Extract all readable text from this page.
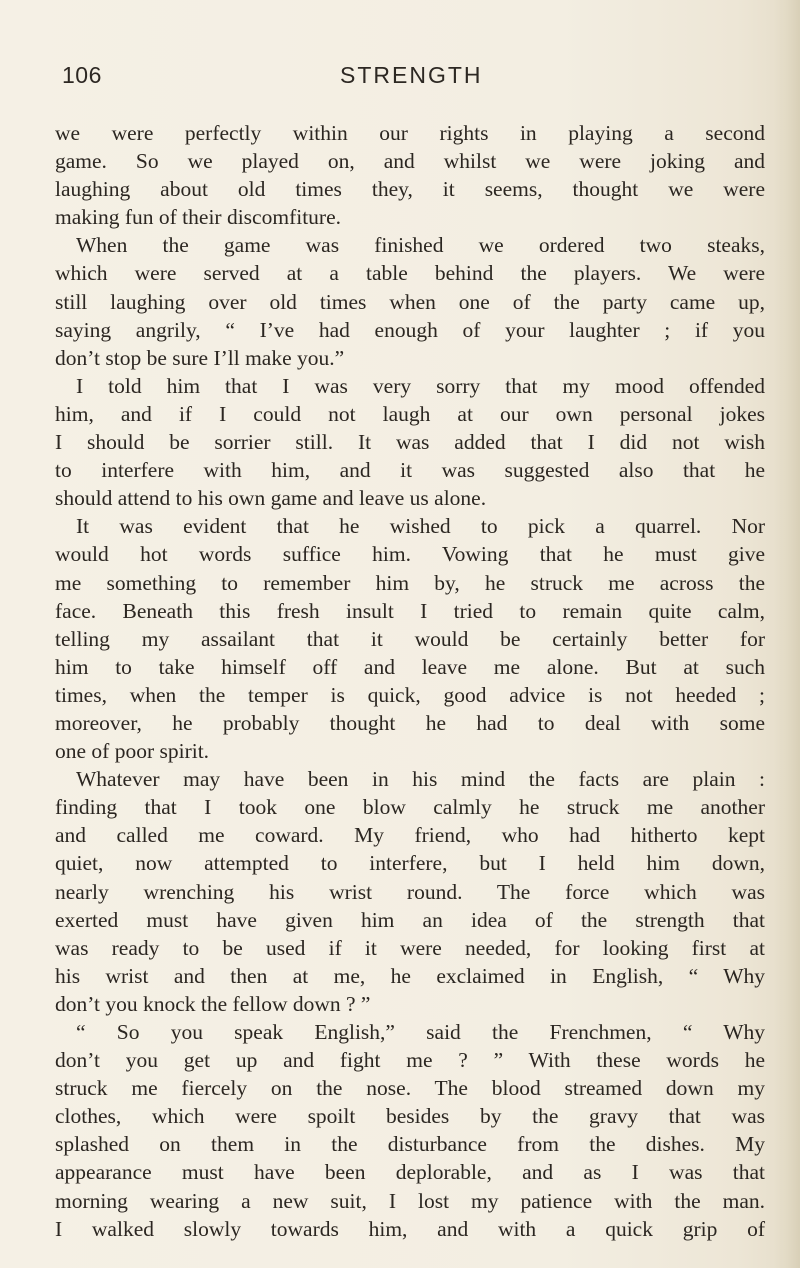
106	STRENGTH
we were perfectly within our rights in playing a second
game. So we played on, and whilst we were joking and
laughing about old times they, it seems, thought we were
making fun of their discomfiture.
When the game was finished we ordered two steaks,
which were served at a table behind the players. We were
still laughing over old times when one of the party came up,
saying angrily, “ I’ve had enough of your laughter ; if you
don’t stop be sure I’ll make you.”
I told him that I was very sorry that my mood offended
him, and if I could not laugh at our own personal jokes
I should be sorrier still. It was added that I did not wish
to interfere with him, and it was suggested also that he
should attend to his own game and leave us alone.
It was evident that he wished to pick a quarrel. Nor
would hot words suffice him. Vowing that he must give
me something to remember him by, he struck me across the
face. Beneath this fresh insult I tried to remain quite calm,
telling my assailant that it would be certainly better for
him to take himself off and leave me alone. But at such
times, when the temper is quick, good advice is not heeded ;
moreover, he probably thought he had to deal with some
one of poor spirit.
Whatever may have been in his mind the facts are plain :
finding that I took one blow calmly he struck me another
and called me coward. My friend, who had hitherto kept
quiet, now attempted to interfere, but I held him down,
nearly wrenching his wrist round. The force which was
exerted must have given him an idea of the strength that
was ready to be used if it were needed, for looking first at
his wrist and then at me, he exclaimed in English, “ Why
don’t you knock the fellow down ? ”
“ So you speak English,” said the Frenchmen, “ Why
don’t you get up and fight me ? ” With these words he
struck me fiercely on the nose. The blood streamed down my
clothes, which were spoilt besides by the gravy that was
splashed on them in the disturbance from the dishes. My
appearance must have been deplorable, and as I was that
morning wearing a new suit, I lost my patience with the man.
I walked slowly towards him, and with a quick grip of
